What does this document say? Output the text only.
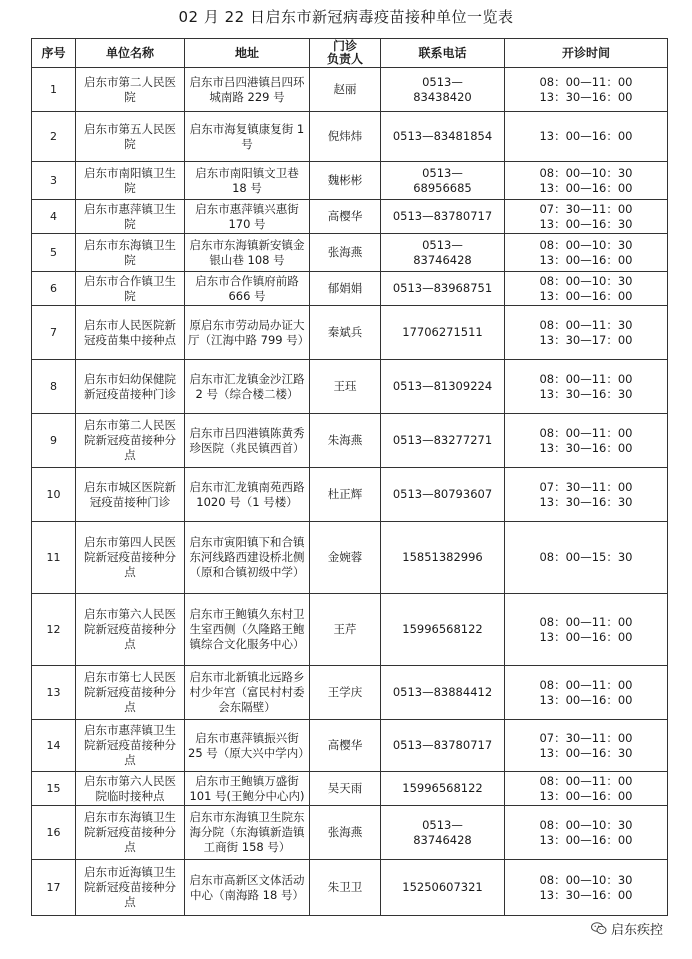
02 月 22 日启东市新冠病毒疫苗接种单位一览表
序号	单位名称	地址	门诊
负责人	联系电话	开诊时间
1	启东市第二人民医院	启东市吕四港镇吕四环城南路 229 号	赵丽	0513—
83438420	08：00—11：00
13：30—16：00

2	启东市第五人民医院	启东市海复镇康复街 1 号	倪炜炜	0513—83481854	13：00—16：00

3	启东市南阳镇卫生院	启东市南阳镇文卫巷 18 号	魏彬彬	0513—
68956685	08：00—10：30
13：00—16：00

4	启东市惠萍镇卫生院	启东市惠萍镇兴惠街 170 号	高樱华	0513—83780717	07：30—11：00
13：00—16：30

5	启东市东海镇卫生院	启东市东海镇新安镇金银山巷 108 号	张海燕	0513—
83746428	08：00—10：30
13：00—16：00

6	启东市合作镇卫生院	启东市合作镇府前路 666 号	郁娟娟	0513—83968751	08：00—10：30
13：00—16：00

7	启东市人民医院新冠疫苗集中接种点	原启东市劳动局办证大厅（江海中路 799 号）	秦斌兵	17706271511	08：00—11：30
13：30—17：00

8	启东市妇幼保健院新冠疫苗接种门诊	启东市汇龙镇金沙江路 2 号（综合楼二楼）	王珏	0513—81309224	08：00—11：00
13：30—16：30

9	启东市第二人民医院新冠疫苗接种分点	启东市吕四港镇陈黄秀珍医院（兆民镇西首）	朱海燕	0513—83277271	08：00—11：00
13：30—16：00

10	启东市城区医院新冠疫苗接种门诊	启东市汇龙镇南苑西路 1020 号（1 号楼）	杜正辉	0513—80793607	07：30—11：00
13：30—16：30

11	启东市第四人民医院新冠疫苗接种分点	启东市寅阳镇下和合镇东河线路西建设桥北侧（原和合镇初级中学）	金婉蓉	15851382996	08：00—15：30

12	启东市第六人民医院新冠疫苗接种分点	启东市王鲍镇久东村卫生室西侧（久隆路王鲍镇综合文化服务中心）	王芹	15996568122	08：00—11：00
13：00—16：00

13	启东市第七人民医院新冠疫苗接种分点	启东市北新镇北远路乡村少年宫（富民村村委会东隔壁）	王学庆	0513—83884412	08：00—11：00
13：00—16：00

14	启东市惠萍镇卫生院新冠疫苗接种分点	启东市惠萍镇振兴街 25 号（原大兴中学内）	高樱华	0513—83780717	07：30—11：00
13：00—16：30

15	启东市第六人民医院临时接种点	启东市王鲍镇万盛街 101 号(王鲍分中心内)	吴天雨	15996568122	08：00—11：00
13：00—16：00

16	启东市东海镇卫生院新冠疫苗接种分点	启东市东海镇卫生院东海分院（东海镇新造镇工商街 158 号）	张海燕	0513—
83746428	08：00—10：30
13：00—16：00

17	启东市近海镇卫生院新冠疫苗接种分点	启东市高新区文体活动中心（南海路 18 号）	朱卫卫	15250607321	08：00—10：30
13：30—16：00
启东疾控
